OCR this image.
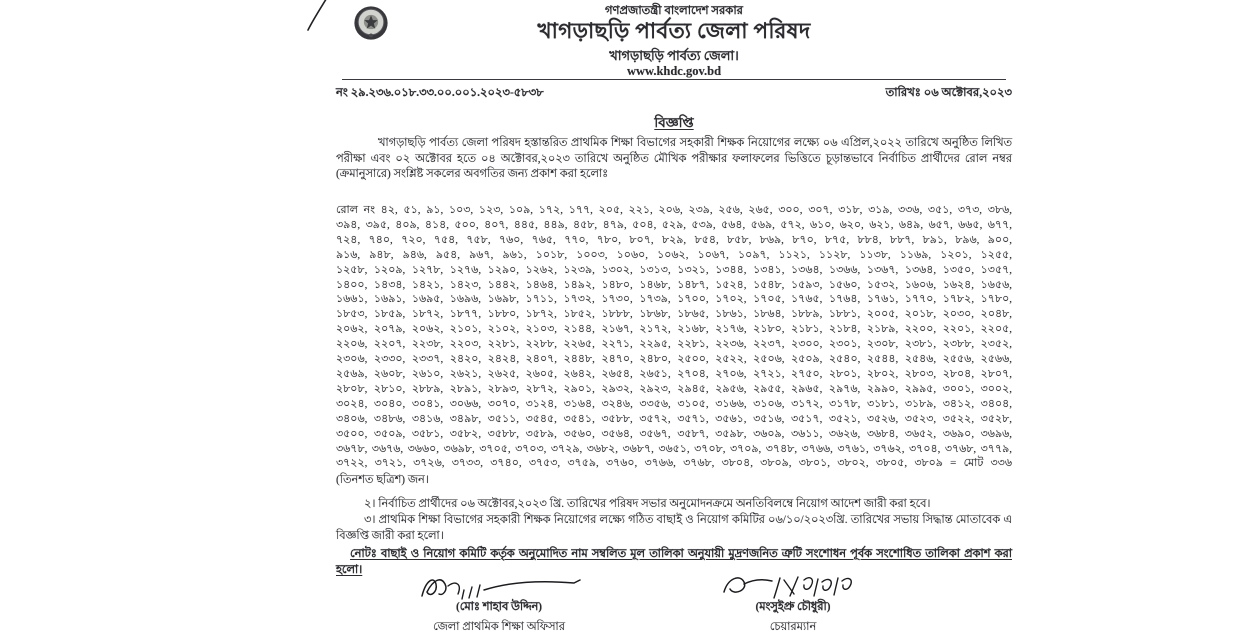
গণপ্রজাতন্ত্রী বাংলাদেশ সরকার
খাগড়াছড়ি পার্বত্য জেলা পরিষদ
খাগড়াছড়ি পার্বত্য জেলা।
www.khdc.gov.bd
নং ২৯.২৩৬.০১৮.৩৩.০০.০০১.২০২৩-৫৮৩৮	তারিখঃ ০৬ অক্টোবর,২০২৩
বিজ্ঞপ্তি
খাগড়াছড়ি পার্বত্য জেলা পরিষদ হস্তান্তরিত প্রাথমিক শিক্ষা বিভাগের সহকারী শিক্ষক নিয়োগের লক্ষ্যে ০৬ এপ্রিল,২০২২ তারিখে অনুষ্ঠিত লিখিত পরীক্ষা এবং ০২ অক্টোবর হতে ০৪ অক্টোবর,২০২৩ তারিখে অনুষ্ঠিত মৌখিক পরীক্ষার ফলাফলের ভিত্তিতে চূড়ান্তভাবে নির্বাচিত প্রার্থীদের রোল নম্বর (ক্রমানুসারে) সংশ্লিষ্ট সকলের অবগতির জন্য প্রকাশ করা হলোঃ
রোল নং ৪২, ৫১, ৯১, ১০৩, ১২৩, ১০৯, ১৭২, ১৭৭, ২০৫, ২২১, ২০৬, ২৩৯, ২৫৬, ২৬৫, ৩০০, ৩০৭, ৩১৮, ৩১৯, ৩৩৬, ৩৫১, ৩৭৩, ৩৮৬,
৩৯৪, ৩৯৫, ৪০৯, ৪১৪, ৫০০, ৪০৭, ৪৪৫, ৪৪৯, ৪৫৮, ৪৭৯, ৫০৪, ৫২৯, ৫৩৯, ৫৬৪, ৫৬৯, ৫৭২, ৬১০, ৬২০, ৬২১, ৬৪৯, ৬৫৭, ৬৬৫, ৬৭৭,
৭২৪, ৭৪০, ৭২০, ৭৫৪, ৭৫৮, ৭৬০, ৭৬৫, ৭৭০, ৭৮০, ৮০৭, ৮২৯, ৮৫৪, ৮৫৮, ৮৬৯, ৮৭০, ৮৭৫, ৮৮৪, ৮৮৭, ৮৯১, ৮৯৬, ৯০০,
৯১৬, ৯৪৮, ৯৪৬, ৯৫৪, ৯৬৭, ৯৬১, ১০১৮, ১০০৩, ১০৬০, ১০৬২, ১০৬৭, ১০৯৭, ১১২১, ১১২৮, ১১৩৮, ১১৬৯, ১২০১, ১২৫৫,
১২৫৮, ১২০৯, ১২৭৮, ১২৭৬, ১২৯০, ১২৬২, ১২৩৯, ১৩০২, ১৩১৩, ১৩২১, ১৩৪৪, ১৩৪১, ১৩৬৪, ১৩৬৬, ১৩৬৭, ১৩৬৪, ১৩৫০, ১৩৫৭,
১৪০০, ১৪৩৪, ১৪২১, ১৪২৩, ১৪৪২, ১৪৬৪, ১৪৯২, ১৪৮০, ১৪৬৮, ১৪৮৭, ১৫২৪, ১৫৪৮, ১৫৯৩, ১৫৬০, ১৫৩২, ১৬০৬, ১৬২৪, ১৬৫৬,
১৬৬১, ১৬৯১, ১৬৯৫, ১৬৯৬, ১৬৯৮, ১৭১১, ১৭৩২, ১৭৩০, ১৭৩৯, ১৭০০, ১৭০২, ১৭০৫, ১৭৬৫, ১৭৬৪, ১৭৬১, ১৭৭০, ১৭৮২, ১৭৮০,
১৮৫৩, ১৮৫৯, ১৮৭২, ১৮৭৭, ১৮৮০, ১৮৭২, ১৮৫২, ১৮৮৮, ১৮৬৮, ১৮৬৫, ১৮৬১, ১৮৬৪, ১৮৮৯, ১৮৮১, ২০০৫, ২০১৮, ২০৩০, ২০৪৮,
২০৬২, ২০৭৯, ২০৬২, ২১০১, ২১০২, ২১০৩, ২১৪৪, ২১৬৭, ২১৭২, ২১৬৮, ২১৭৬, ২১৮০, ২১৮১, ২১৮৪, ২১৮৯, ২২০০, ২২০১, ২২০৫,
২২০৬, ২২০৭, ২২৩৮, ২২০৩, ২২৮১, ২২৮৮, ২২৬৫, ২২৭১, ২২৯৫, ২২৮১, ২২৩৬, ২২৩৭, ২৩০০, ২৩০১, ২৩০৮, ২৩৮১, ২৩৮৮, ২৩৫২,
২৩০৬, ২৩৩০, ২৩৩৭, ২৪২০, ২৪২৪, ২৪০৭, ২৪৪৮, ২৪৭০, ২৪৮০, ২৫০০, ২৫২২, ২৫০৬, ২৫০৯, ২৫৪০, ২৫৪৪, ২৫৪৬, ২৫৫৬, ২৫৬৬,
২৫৬৯, ২৬০৮, ২৬১০, ২৬২১, ২৬২৫, ২৬০৫, ২৬৪২, ২৬৫৪, ২৬৫১, ২৭০৪, ২৭০৬, ২৭২১, ২৭৫০, ২৮০১, ২৮০২, ২৮০৩, ২৮০৪, ২৮০৭,
২৮০৮, ২৮১০, ২৮৮৯, ২৮৯১, ২৮৯৩, ২৮৭২, ২৯০১, ২৯৩২, ২৯২৩, ২৯৪৫, ২৯৫৬, ২৯৫৫, ২৯৬৫, ২৯৭৬, ২৯৯০, ২৯৯৫, ৩০০১, ৩০০২,
৩০২৪, ৩০৪০, ৩০৪১, ৩০৬৬, ৩০৭০, ৩১২৪, ৩১৬৪, ৩২৪৬, ৩৩৫৬, ৩১০৫, ৩১৬৬, ৩১০৬, ৩১৭২, ৩১৭৮, ৩১৮১, ৩১৮৯, ৩৪১২, ৩৪০৪,
৩৪০৬, ৩৪৮৬, ৩৪১৬, ৩৪৯৮, ৩৫১১, ৩৫৪৫, ৩৫৪১, ৩৫৮৮, ৩৫৭২, ৩৫৭১, ৩৫৬১, ৩৫১৬, ৩৫১৭, ৩৫২১, ৩৫২৬, ৩৫২৩, ৩৫২২, ৩৫২৮,
৩৫০০, ৩৫০৯, ৩৫৮১, ৩৫৮২, ৩৫৮৮, ৩৫৮৯, ৩৫৬০, ৩৫৬৪, ৩৫৬৭, ৩৫৮৭, ৩৫৯৮, ৩৬০৯, ৩৬১১, ৩৬২৬, ৩৬৮৪, ৩৬৫২, ৩৬৯০, ৩৬৯৬,
৩৬৭৮, ৩৬৭৬, ৩৬৬০, ৩৬৯৮, ৩৭০৫, ৩৭০৩, ৩৭২৯, ৩৬৮২, ৩৬৮৭, ৩৬৫১, ৩৭০৮, ৩৭০৯, ৩৭৪৮, ৩৭৬৬, ৩৭৬১, ৩৭৬২, ৩৭০৪, ৩৭৬৮, ৩৭৭৯,
৩৭২২, ৩৭২১, ৩৭২৬, ৩৭৩৩, ৩৭৪০, ৩৭৫৩, ৩৭৫৯, ৩৭৬০, ৩৭৬৬, ৩৭৬৮, ৩৮০৪, ৩৮০৯, ৩৮০১, ৩৮০২, ৩৮০৫, ৩৮০৯ = মোট ৩৩৬
(তিনশত ছত্রিশ) জন।
২। নির্বাচিত প্রার্থীদের ০৬ অক্টোবর,২০২৩ খ্রি. তারিখের পরিষদ সভার অনুমোদনক্রমে অনতিবিলম্বে নিয়োগ আদেশ জারী করা হবে।
৩। প্রাথমিক শিক্ষা বিভাগের সহকারী শিক্ষক নিয়োগের লক্ষ্যে গঠিত বাছাই ও নিয়োগ কমিটির ০৬/১০/২০২৩খ্রি. তারিখের সভায় সিদ্ধান্ত মোতাবেক এ বিজ্ঞপ্তি জারী করা হলো।
নোটঃ বাছাই ও নিয়োগ কমিটি কর্তৃক অনুমোদিত নাম সম্বলিত মূল তালিকা অনুযায়ী মুদ্রণজনিত ত্রুটি সংশোধন পূর্বক সংশোধিত তালিকা প্রকাশ করা হলো।
(মোঃ শাহাব উদ্দিন)
জেলা প্রাথমিক শিক্ষা অফিসার
(মংসুইপ্রু চৌধুরী)
চেয়ারম্যান
